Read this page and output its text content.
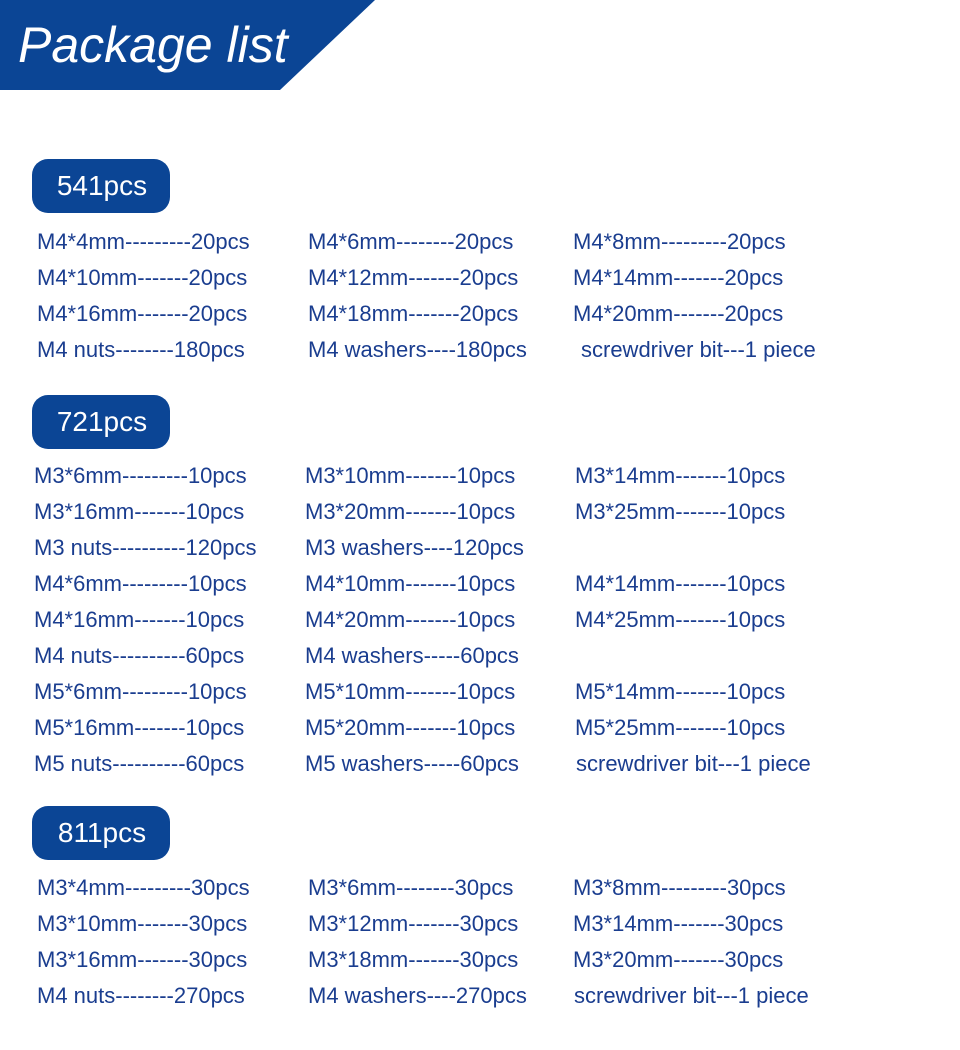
Package list
541pcs
M4*4mm---------20pcs	M4*6mm--------20pcs	M4*8mm---------20pcs
M4*10mm-------20pcs	M4*12mm-------20pcs M4*14mm-------20pcs
M4*16mm-------20pcs	M4*18mm-------20pcs M4*20mm-------20pcs
M4 nuts--------180pcs	M4 washers----180pcs screwdriver bit---1 piece
721pcs
M3*6mm---------10pcs	M3*10mm-------10pcs	M3*14mm-------10pcs
M3*16mm-------10pcs	M3*20mm-------10pcs	M3*25mm-------10pcs
M3 nuts----------120pcs M3 washers----120pcs
M4*6mm---------10pcs	M4*10mm-------10pcs	M4*14mm-------10pcs
M4*16mm-------10pcs	M4*20mm-------10pcs	M4*25mm-------10pcs
M4 nuts----------60pcs	M4 washers-----60pcs
M5*6mm---------10pcs	M5*10mm-------10pcs	M5*14mm-------10pcs
M5*16mm-------10pcs	M5*20mm-------10pcs	M5*25mm-------10pcs
M5 nuts----------60pcs	M5 washers-----60pcs	screwdriver bit---1 piece
811pcs
M3*4mm---------30pcs	M3*6mm--------30pcs	M3*8mm---------30pcs
M3*10mm-------30pcs	M3*12mm-------30pcs M3*14mm-------30pcs
M3*16mm-------30pcs	M3*18mm-------30pcs M3*20mm-------30pcs
M4 nuts--------270pcs	M4 washers----270pcs screwdriver bit---1 piece
